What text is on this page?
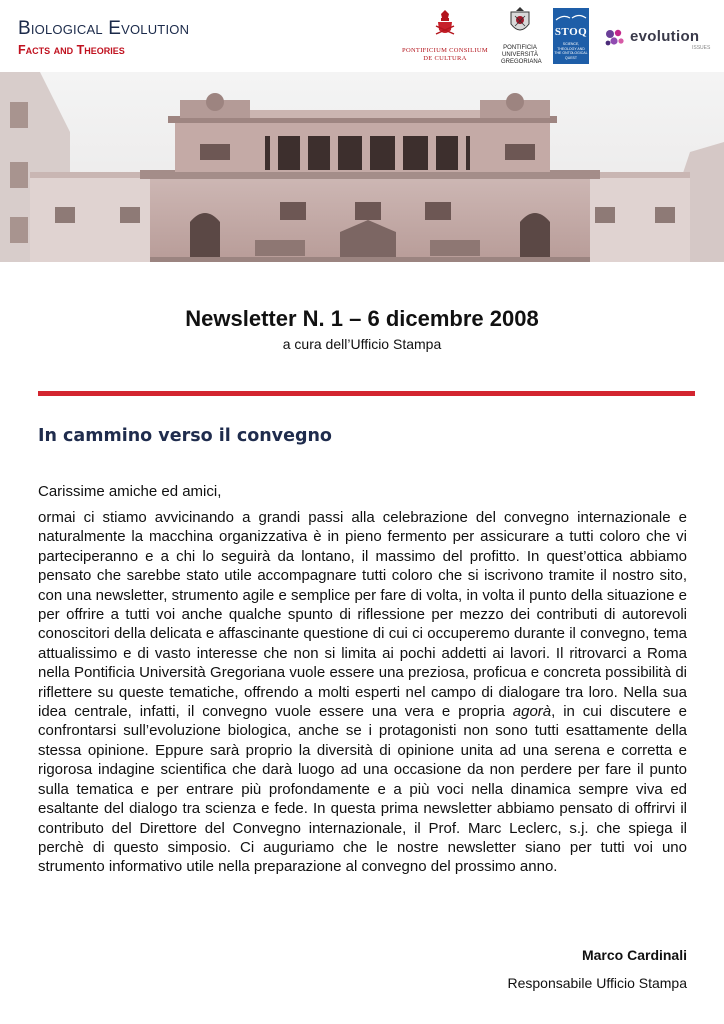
Biological Evolution
Facts and Theories	PONTIFICIUM CONSILIUM
DE CULTURA
PONTIFICIA
UNIVERSITÀ
GREGORIANA
STOQ
SCIENCE,
THEOLOGY AND
THE ONTOLOGICAL
QUEST
evolution
ISSUES
Newsletter N. 1 – 6 dicembre 2008
a cura dell’Ufficio Stampa
In cammino verso il convegno
Carissime amiche ed amici,

ormai ci stiamo avvicinando a grandi passi alla celebrazione del convegno internazionale e naturalmente la macchina organizzativa è in pieno fermento per assicurare a tutti coloro che vi parteciperanno e a chi lo seguirà da lontano, il massimo del profitto. In quest’ottica abbiamo pensato che sarebbe stato utile accompagnare tutti coloro che si iscrivono tramite il nostro sito, con una newsletter, strumento agile e semplice per fare di volta, in volta il punto della situazione e per offrire a tutti voi anche qualche spunto di riflessione per mezzo dei contributi di autorevoli conoscitori della delicata e affascinante questione di cui ci occuperemo durante il convegno, tema attualissimo e di vasto interesse che non si limita ai pochi addetti ai lavori. Il ritrovarci a Roma nella Pontificia Università Gregoriana vuole essere una preziosa, proficua e concreta possibilità di riflettere su queste tematiche, offrendo a molti esperti nel campo di dialogare tra loro. Nella sua idea centrale, infatti, il convegno vuole essere una vera e propria agorà, in cui discutere e confrontarsi sull’evoluzione biologica, anche se i protagonisti non sono tutti esattamente della stessa opinione. Eppure sarà proprio la diversità di opinione unita ad una serena e corretta e rigorosa indagine scientifica che darà luogo ad una occasione da non perdere per fare il punto sulla tematica e per entrare più profondamente e a più voci nella dinamica sempre viva ed esaltante del dialogo tra scienza e fede. In questa prima newsletter abbiamo pensato di offrirvi il contributo del Direttore del Convegno internazionale, il Prof. Marc Leclerc, s.j. che spiega il perchè di questo simposio. Ci auguriamo che le nostre newsletter siano per tutti voi uno strumento informativo utile nella preparazione al convegno del prossimo anno.

Marco Cardinali
Responsabile Ufficio Stampa
